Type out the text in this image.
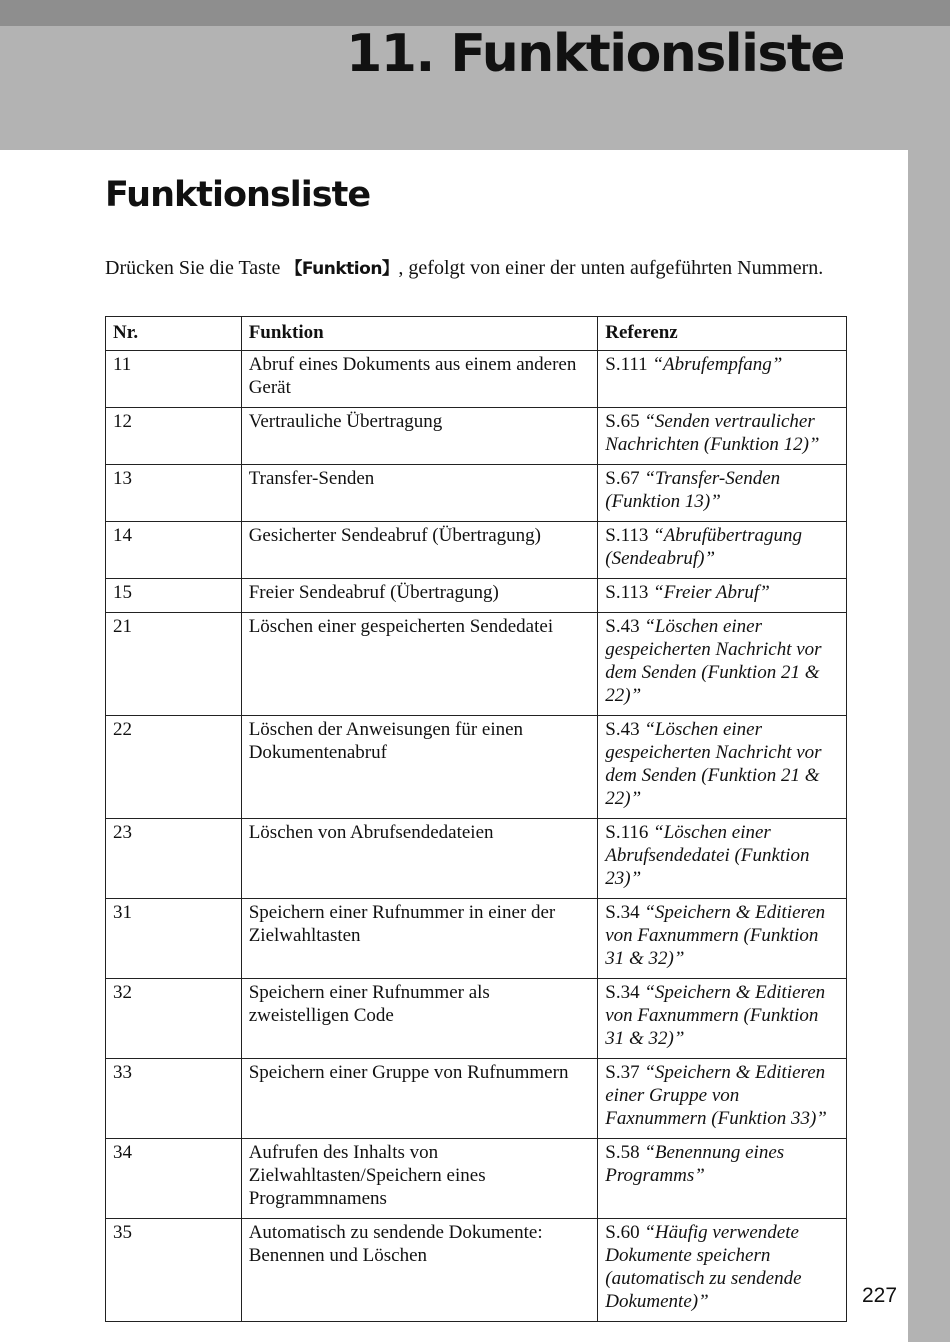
11. Funktionsliste
Funktionsliste

Drücken Sie die Taste 【Funktion】, gefolgt von einer der unten aufgeführten Nummern.

Nr.	Funktion	Referenz
11	Abruf eines Dokuments aus einem anderen Gerät	S.111 “Abrufempfang”
12	Vertrauliche Übertragung	S.65 “Senden vertraulicher Nachrichten (Funktion 12)”
13	Transfer-Senden	S.67 “Transfer-Senden (Funktion 13)”
14	Gesicherter Sendeabruf (Übertragung)	S.113 “Abrufübertragung (Sendeabruf)”
15	Freier Sendeabruf (Übertragung)	S.113 “Freier Abruf”
21	Löschen einer gespeicherten Sendedatei	S.43 “Löschen einer gespeicherten Nachricht vor dem Senden (Funktion 21 & 22)”
22	Löschen der Anweisungen für einen Dokumentenabruf	S.43 “Löschen einer gespeicherten Nachricht vor dem Senden (Funktion 21 & 22)”
23	Löschen von Abrufsendedateien	S.116 “Löschen einer Abrufsendedatei (Funktion 23)”
31	Speichern einer Rufnummer in einer der Zielwahltasten	S.34 “Speichern & Editieren von Faxnummern (Funktion 31 & 32)”
32	Speichern einer Rufnummer als zweistelligen Code	S.34 “Speichern & Editieren von Faxnummern (Funktion 31 & 32)”
33	Speichern einer Gruppe von Rufnummern	S.37 “Speichern & Editieren einer Gruppe von Faxnummern (Funktion 33)”
34	Aufrufen des Inhalts von Zielwahltasten/Speichern eines Programmnamens	S.58 “Benennung eines Programms”
35	Automatisch zu sendende Dokumente: Benennen und Löschen	S.60 “Häufig verwendete Dokumente speichern (automatisch zu sendende Dokumente)”	227
